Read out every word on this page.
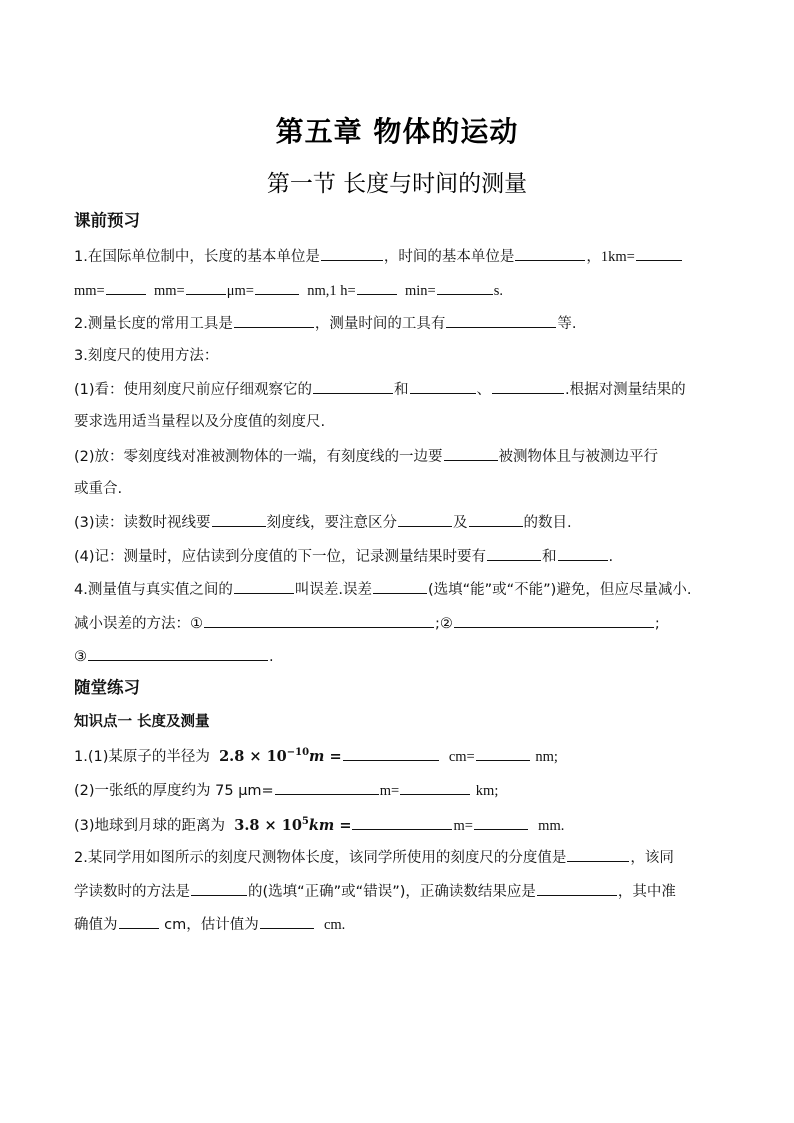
第五章 物体的运动
第一节 长度与时间的测量
课前预习
1.在国际单位制中，长度的基本单位是	，时间的基本单位是	，1km=
mm=	mm=	μm=	nm,1 h=	min=	s.
2.测量长度的常用工具是	，测量时间的工具有	等.
3.刻度尺的使用方法：
(1)看：使用刻度尺前应仔细观察它的	和	、	.根据对测量结果的
要求选用适当量程以及分度值的刻度尺.
(2)放：零刻度线对准被测物体的一端，有刻度线的一边要	被测物体且与被测边平行
或重合.
(3)读：读数时视线要	刻度线，要注意区分	及	的数目.
(4)记：测量时，应估读到分度值的下一位，记录测量结果时要有	和	.
4.测量值与真实值之间的	叫误差.误差	(选填“能”或“不能”)避免，但应尽量减小.
减小误差的方法：①	;②	;
③	.
随堂练习
知识点一 长度及测量
1.(1)某原子的半径为 $2.8 \times 10^{-10}m$ =	cm=	nm;
(2)一张纸的厚度约为 75 μm=	m=	km;
(3)地球到月球的距离为 $3.8 \times 10^5km$ =	m=	mm.
2.某同学用如图所示的刻度尺测物体长度，该同学所使用的刻度尺的分度值是	，该同
学读数时的方法是	的(选填“正确”或“错误”)，正确读数结果应是	，其中准
确值为	cm，估计值为	cm.
